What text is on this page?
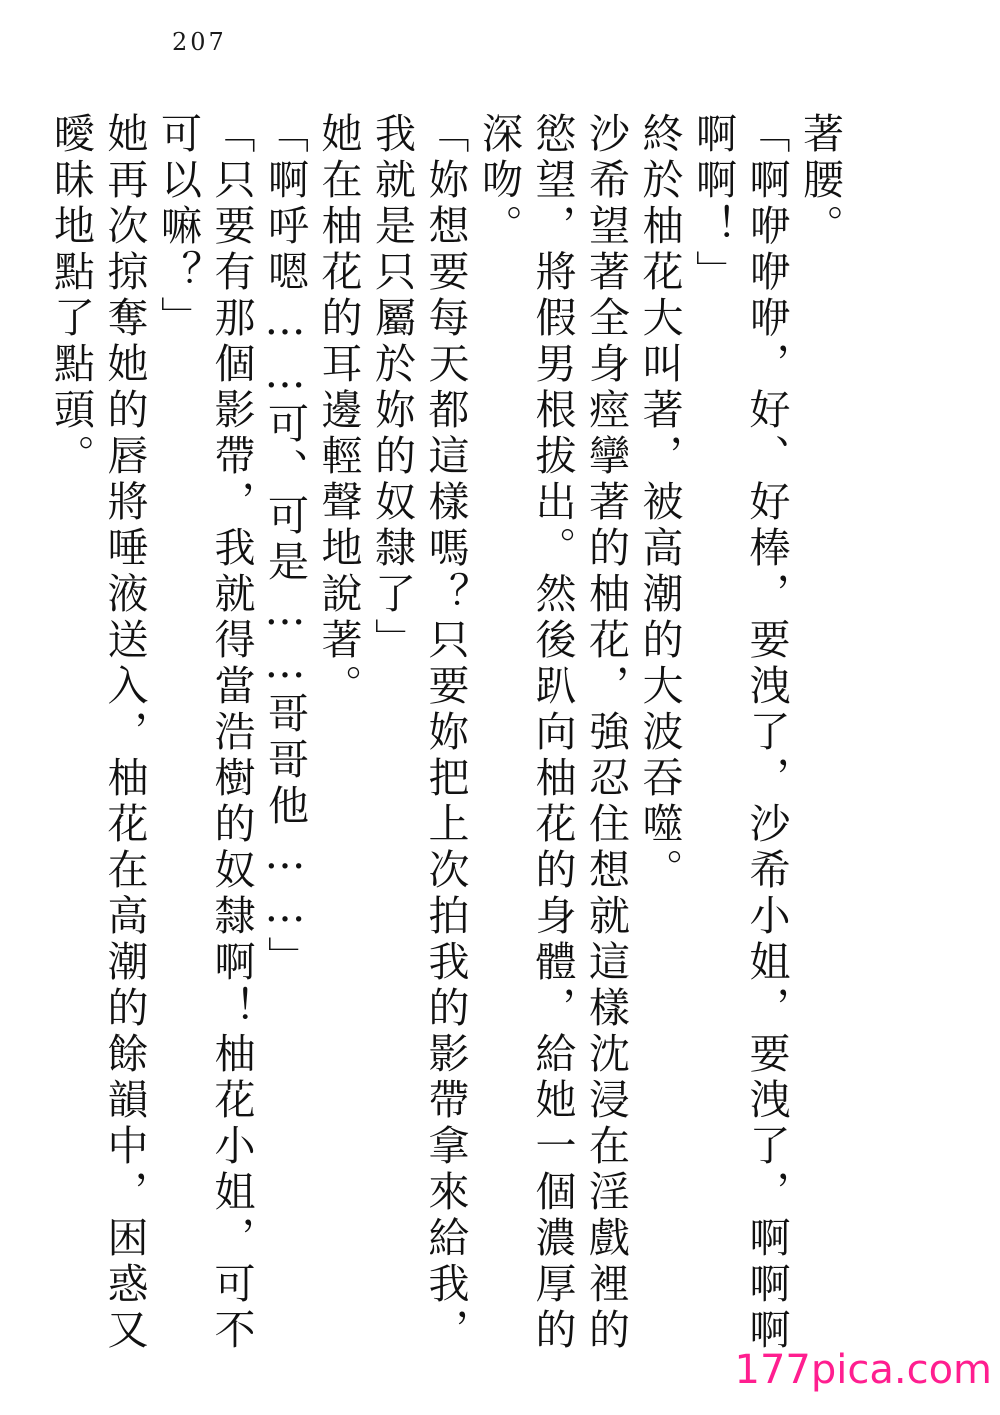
207

著腰。

「啊咿咿咿，好、好棒，要洩了，沙希小姐，要洩了，啊啊啊啊啊！」

終於柚花大叫著，被高潮的大波吞噬。

沙希望著全身痙攣著的柚花，強忍住想就這樣沈浸在淫戲裡的慾望，將假男根拔出。然後趴向柚花的身體，給她一個濃厚的深吻。

「妳想要每天都這樣嗎？只要妳把上次拍我的影帶拿來給我，我就是只屬於妳的奴隸了」

她在柚花的耳邊輕聲地說著。

「啊呼嗯……可、可是……哥哥他……」

「只要有那個影帶，我就得當浩樹的奴隸啊！柚花小姐，可不可以嘛？」

她再次掠奪她的唇將唾液送入，柚花在高潮的餘韻中，困惑又曖昧地點了點頭。

177pica.com
